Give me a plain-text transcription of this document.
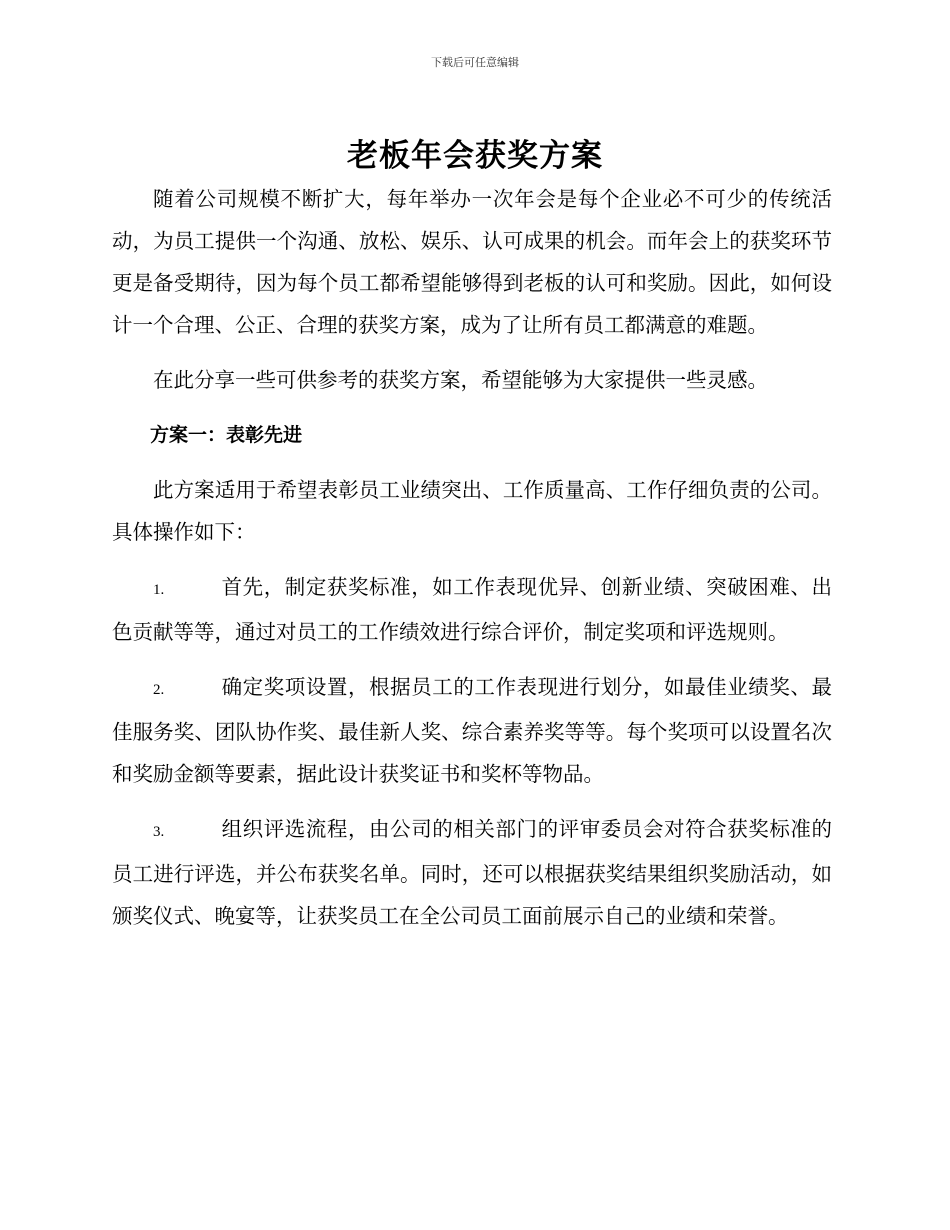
下载后可任意编辑
老板年会获奖方案

随着公司规模不断扩大，每年举办一次年会是每个企业必不可少的传统活动，为员工提供一个沟通、放松、娱乐、认可成果的机会。而年会上的获奖环节更是备受期待，因为每个员工都希望能够得到老板的认可和奖励。因此，如何设计一个合理、公正、合理的获奖方案，成为了让所有员工都满意的难题。

在此分享一些可供参考的获奖方案，希望能够为大家提供一些灵感。

方案一：表彰先进

此方案适用于希望表彰员工业绩突出、工作质量高、工作仔细负责的公司。具体操作如下：

1.	首先，制定获奖标准，如工作表现优异、创新业绩、突破困难、出色贡献等等，通过对员工的工作绩效进行综合评价，制定奖项和评选规则。

2.	确定奖项设置，根据员工的工作表现进行划分，如最佳业绩奖、最佳服务奖、团队协作奖、最佳新人奖、综合素养奖等等。每个奖项可以设置名次和奖励金额等要素，据此设计获奖证书和奖杯等物品。

3.	组织评选流程，由公司的相关部门的评审委员会对符合获奖标准的员工进行评选，并公布获奖名单。同时，还可以根据获奖结果组织奖励活动，如颁奖仪式、晚宴等，让获奖员工在全公司员工面前展示自己的业绩和荣誉。
